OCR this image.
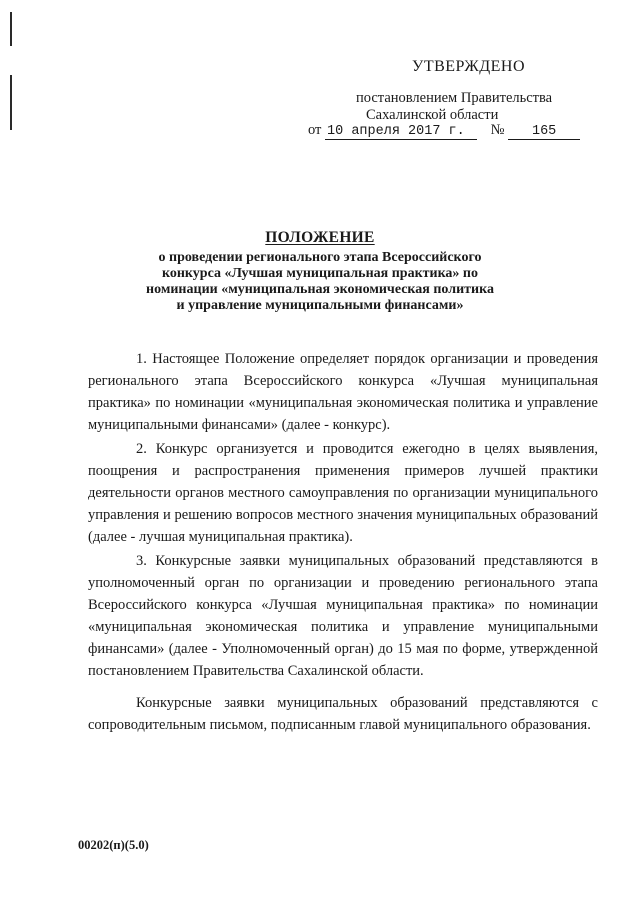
УТВЕРЖДЕНО
постановлением Правительства
Сахалинской области
от 10 апреля 2017 г. № 165
ПОЛОЖЕНИЕ
о проведении регионального этапа Всероссийского
конкурса «Лучшая муниципальная практика» по
номинации «муниципальная экономическая политика
и управление муниципальными финансами»

1. Настоящее Положение определяет порядок организации и проведения регионального этапа Всероссийского конкурса «Лучшая муниципальная практика» по номинации «муниципальная экономическая политика и управление муниципальными финансами» (далее - конкурс).

2. Конкурс организуется и проводится ежегодно в целях выявления, поощрения и распространения применения примеров лучшей практики деятельности органов местного самоуправления по организации муниципального управления и решению вопросов местного значения муниципальных образований (далее - лучшая муниципальная практика).

3. Конкурсные заявки муниципальных образований представляются в уполномоченный орган по организации и проведению регионального этапа Всероссийского конкурса «Лучшая муниципальная практика» по номинации «муниципальная экономическая политика и управление муниципальными финансами» (далее - Уполномоченный орган) до 15 мая по форме, утвержденной постановлением Правительства Сахалинской области.

Конкурсные заявки муниципальных образований представляются с сопроводительным письмом, подписанным главой муниципального образования.

00202(п)(5.0)
